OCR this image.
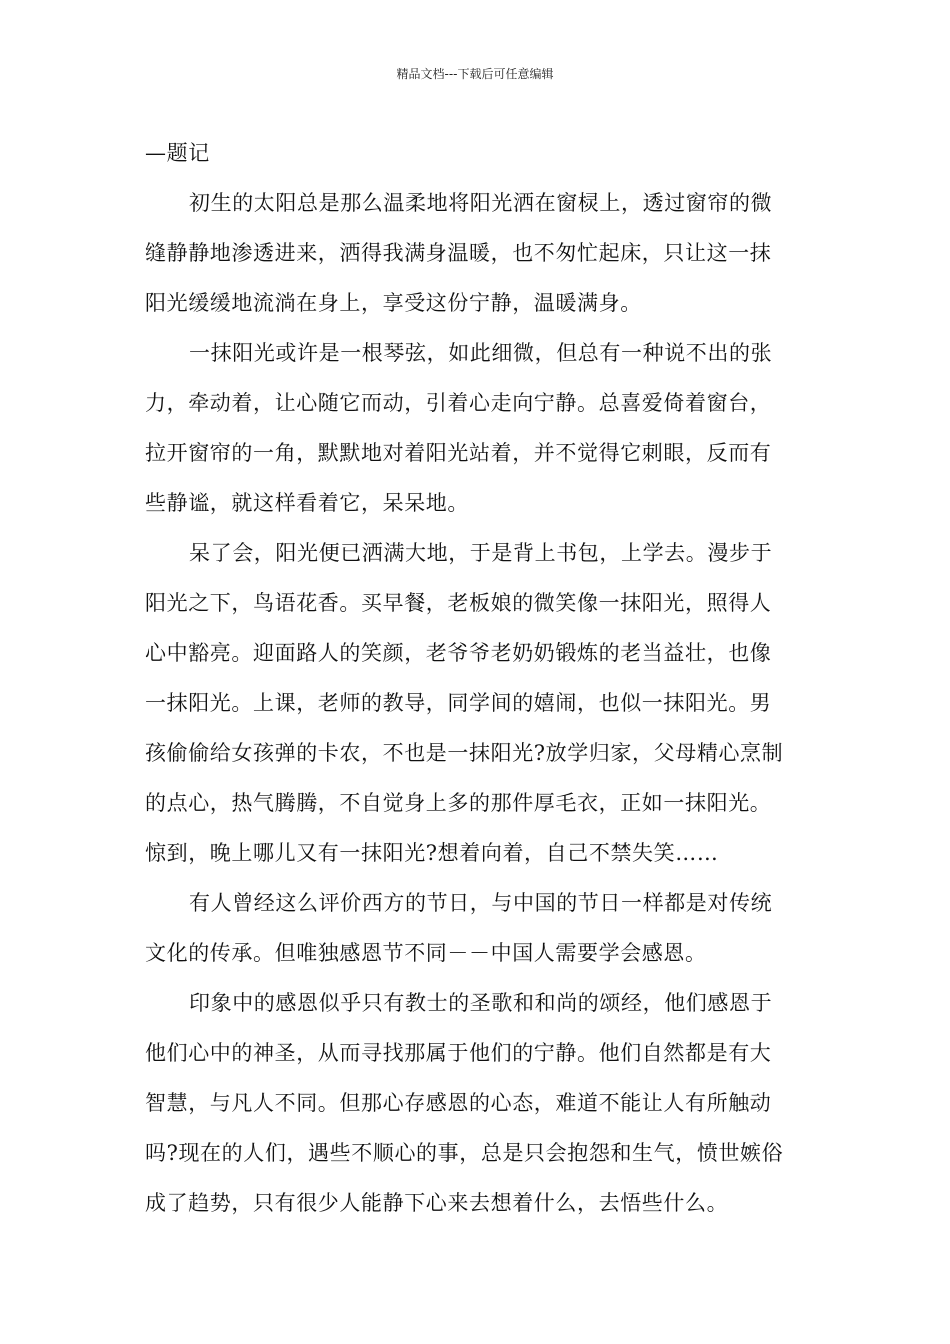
精品文档---下载后可任意编辑
—题记
初生的太阳总是那么温柔地将阳光洒在窗棂上，透过窗帘的微
缝静静地渗透进来，洒得我满身温暖，也不匆忙起床，只让这一抹
阳光缓缓地流淌在身上，享受这份宁静，温暖满身。
一抹阳光或许是一根琴弦，如此细微，但总有一种说不出的张
力，牵动着，让心随它而动，引着心走向宁静。总喜爱倚着窗台，
拉开窗帘的一角，默默地对着阳光站着，并不觉得它刺眼，反而有
些静谧，就这样看着它，呆呆地。
呆了会，阳光便已洒满大地，于是背上书包，上学去。漫步于
阳光之下，鸟语花香。买早餐，老板娘的微笑像一抹阳光，照得人
心中豁亮。迎面路人的笑颜，老爷爷老奶奶锻炼的老当益壮，也像
一抹阳光。上课，老师的教导，同学间的嬉闹，也似一抹阳光。男
孩偷偷给女孩弹的卡农，不也是一抹阳光?放学归家，父母精心烹制
的点心，热气腾腾，不自觉身上多的那件厚毛衣，正如一抹阳光。
惊到，晚上哪儿又有一抹阳光?想着向着，自己不禁失笑……
有人曾经这么评价西方的节日，与中国的节日一样都是对传统
文化的传承。但唯独感恩节不同－－中国人需要学会感恩。
印象中的感恩似乎只有教士的圣歌和和尚的颂经，他们感恩于
他们心中的神圣，从而寻找那属于他们的宁静。他们自然都是有大
智慧，与凡人不同。但那心存感恩的心态，难道不能让人有所触动
吗?现在的人们，遇些不顺心的事，总是只会抱怨和生气，愤世嫉俗
成了趋势，只有很少人能静下心来去想着什么，去悟些什么。
